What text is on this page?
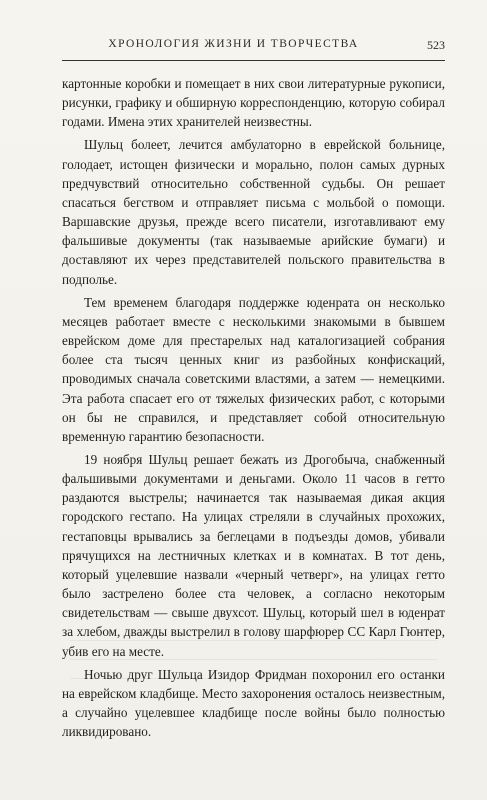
ХРОНОЛОГИЯ ЖИЗНИ И ТВОРЧЕСТВА	523

картонные коробки и помещает в них свои литературные рукописи, рисунки, графику и обширную корреспонденцию, которую собирал годами. Имена этих хранителей неизвестны.

Шульц болеет, лечится амбулаторно в еврейской больнице, голодает, истощен физически и морально, полон самых дурных предчувствий относительно собственной судьбы. Он решает спасаться бегством и отправляет письма с мольбой о помощи. Варшавские друзья, прежде всего писатели, изготавливают ему фальшивые документы (так называемые арийские бумаги) и доставляют их через представителей польского правительства в подполье.

Тем временем благодаря поддержке юденрата он несколько месяцев работает вместе с несколькими знакомыми в бывшем еврейском доме для престарелых над каталогизацией собрания более ста тысяч ценных книг из разбойных конфискаций, проводимых сначала советскими властями, а затем — немецкими. Эта работа спасает его от тяжелых физических работ, с которыми он бы не справился, и представляет собой относительную временную гарантию безопасности.

19 ноября Шульц решает бежать из Дрогобыча, снабженный фальшивыми документами и деньгами. Около 11 часов в гетто раздаются выстрелы; начинается так называемая дикая акция городского гестапо. На улицах стреляли в случайных прохожих, гестаповцы врывались за беглецами в подъезды домов, убивали прячущихся на лестничных клетках и в комнатах. В тот день, который уцелевшие назвали «черный четверг», на улицах гетто было застрелено более ста человек, а согласно некоторым свидетельствам — свыше двухсот. Шульц, который шел в юденрат за хлебом, дважды выстрелил в голову шарфюрер СС Карл Гюнтер, убив его на месте.

Ночью друг Шульца Изидор Фридман похоронил его останки на еврейском кладбище. Место захоронения осталось неизвестным, а случайно уцелевшее кладбище после войны было полностью ликвидировано.
